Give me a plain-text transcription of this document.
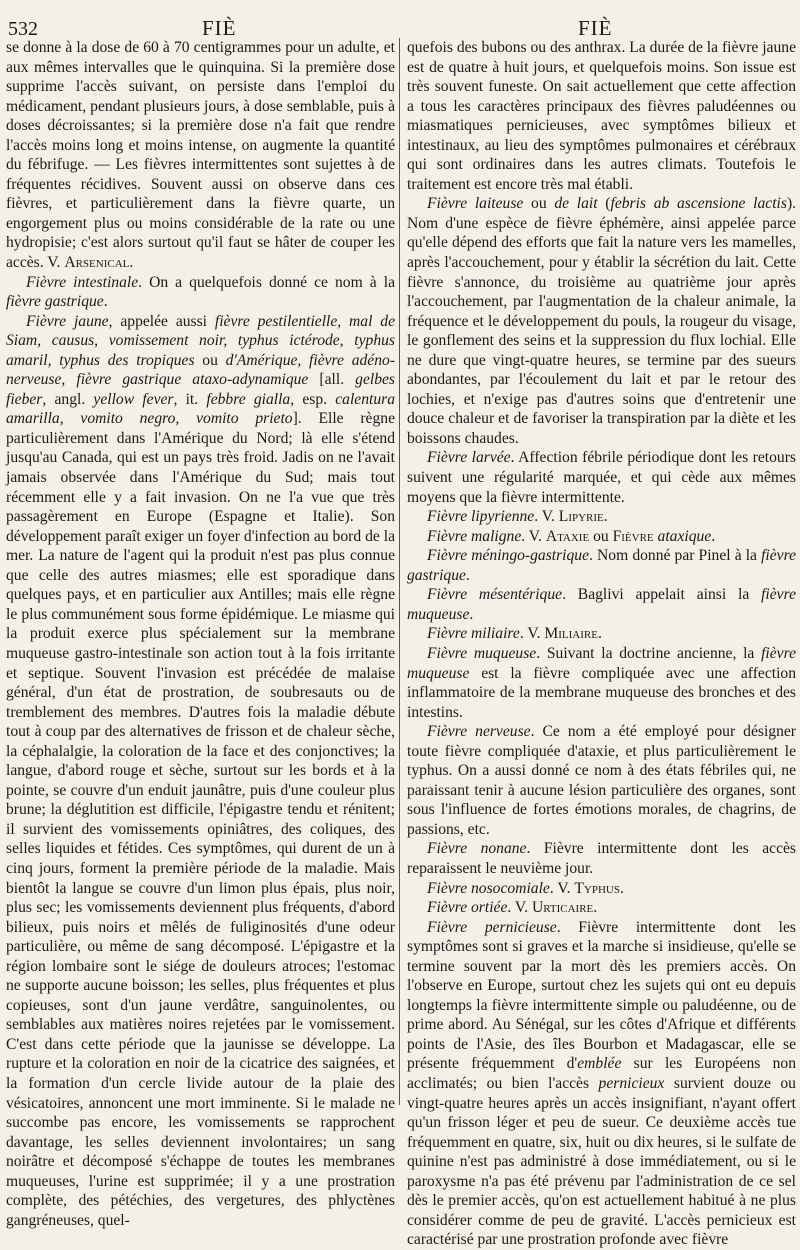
532	FIÈ	FIÈ

se donne à la dose de 60 à 70 centigrammes pour un adulte, et aux mêmes intervalles que le quinquina. Si la première dose supprime l'accès suivant, on persiste dans l'emploi du médicament, pendant plusieurs jours, à dose semblable, puis à doses décroissantes; si la première dose n'a fait que rendre l'accès moins long et moins intense, on augmente la quantité du fébrifuge. — Les fièvres intermittentes sont sujettes à de fréquentes récidives. Souvent aussi on observe dans ces fièvres, et particulièrement dans la fièvre quarte, un engorgement plus ou moins considérable de la rate ou une hydropisie; c'est alors surtout qu'il faut se hâter de couper les accès. V. Arsenical.

Fièvre intestinale. On a quelquefois donné ce nom à la fièvre gastrique.

Fièvre jaune, appelée aussi fièvre pestilentielle, mal de Siam, causus, vomissement noir, typhus ictérode, typhus amaril, typhus des tropiques ou d'Amérique, fièvre adéno-nerveuse, fièvre gastrique ataxo-adynamique [all. gelbes fieber, angl. yellow fever, it. febbre gialla, esp. calentura amarilla, vomito negro, vomito prieto]. Elle règne particulièrement dans l'Amérique du Nord; là elle s'étend jusqu'au Canada, qui est un pays très froid. Jadis on ne l'avait jamais observée dans l'Amérique du Sud; mais tout récemment elle y a fait invasion. On ne l'a vue que très passagèrement en Europe (Espagne et Italie). Son développement paraît exiger un foyer d'infection au bord de la mer. La nature de l'agent qui la produit n'est pas plus connue que celle des autres miasmes; elle est sporadique dans quelques pays, et en particulier aux Antilles; mais elle règne le plus communément sous forme épidémique. Le miasme qui la produit exerce plus spécialement sur la membrane muqueuse gastro-intestinale son action tout à la fois irritante et septique. Souvent l'invasion est précédée de malaise général, d'un état de prostration, de soubresauts ou de tremblement des membres. D'autres fois la maladie débute tout à coup par des alternatives de frisson et de chaleur sèche, la céphalalgie, la coloration de la face et des conjonctives; la langue, d'abord rouge et sèche, surtout sur les bords et à la pointe, se couvre d'un enduit jaunâtre, puis d'une couleur plus brune; la déglutition est difficile, l'épigastre tendu et rénitent; il survient des vomissements opiniâtres, des coliques, des selles liquides et fétides. Ces symptômes, qui durent de un à cinq jours, forment la première période de la maladie. Mais bientôt la langue se couvre d'un limon plus épais, plus noir, plus sec; les vomissements deviennent plus fréquents, d'abord bilieux, puis noirs et mêlés de fuliginosités d'une odeur particulière, ou même de sang décomposé. L'épigastre et la région lombaire sont le siége de douleurs atroces; l'estomac ne supporte aucune boisson; les selles, plus fréquentes et plus copieuses, sont d'un jaune verdâtre, sanguinolentes, ou semblables aux matières noires rejetées par le vomissement. C'est dans cette période que la jaunisse se développe. La rupture et la coloration en noir de la cicatrice des saignées, et la formation d'un cercle livide autour de la plaie des vésicatoires, annoncent une mort imminente. Si le malade ne succombe pas encore, les vomissements se rapprochent davantage, les selles deviennent involontaires; un sang noirâtre et décomposé s'échappe de toutes les membranes muqueuses, l'urine est supprimée; il y a une prostration complète, des pétéchies, des vergetures, des phlyctènes gangréneuses, quel-

quefois des bubons ou des anthrax. La durée de la fièvre jaune est de quatre à huit jours, et quelquefois moins. Son issue est très souvent funeste. On sait actuellement que cette affection a tous les caractères principaux des fièvres paludéennes ou miasmatiques pernicieuses, avec symptômes bilieux et intestinaux, au lieu des symptômes pulmonaires et cérébraux qui sont ordinaires dans les autres climats. Toutefois le traitement est encore très mal établi.

Fièvre laiteuse ou de lait (febris ab ascensione lactis). Nom d'une espèce de fièvre éphémère, ainsi appelée parce qu'elle dépend des efforts que fait la nature vers les mamelles, après l'accouchement, pour y établir la sécrétion du lait. Cette fièvre s'annonce, du troisième au quatrième jour après l'accouchement, par l'augmentation de la chaleur animale, la fréquence et le développement du pouls, la rougeur du visage, le gonflement des seins et la suppression du flux lochial. Elle ne dure que vingt-quatre heures, se termine par des sueurs abondantes, par l'écoulement du lait et par le retour des lochies, et n'exige pas d'autres soins que d'entretenir une douce chaleur et de favoriser la transpiration par la diète et les boissons chaudes.

Fièvre larvée. Affection fébrile périodique dont les retours suivent une régularité marquée, et qui cède aux mêmes moyens que la fièvre intermittente.

Fièvre lipyrienne. V. Lipyrie.

Fièvre maligne. V. Ataxie ou Fièvre ataxique.

Fièvre méningo-gastrique. Nom donné par Pinel à la fièvre gastrique.

Fièvre mésentérique. Baglivi appelait ainsi la fièvre muqueuse.

Fièvre miliaire. V. Miliaire.

Fièvre muqueuse. Suivant la doctrine ancienne, la fièvre muqueuse est la fièvre compliquée avec une affection inflammatoire de la membrane muqueuse des bronches et des intestins.

Fièvre nerveuse. Ce nom a été employé pour désigner toute fièvre compliquée d'ataxie, et plus particulièrement le typhus. On a aussi donné ce nom à des états fébriles qui, ne paraissant tenir à aucune lésion particulière des organes, sont sous l'influence de fortes émotions morales, de chagrins, de passions, etc.

Fièvre nonane. Fièvre intermittente dont les accès reparaissent le neuvième jour.

Fièvre nosocomiale. V. Typhus.

Fièvre ortiée. V. Urticaire.

Fièvre pernicieuse. Fièvre intermittente dont les symptômes sont si graves et la marche si insidieuse, qu'elle se termine souvent par la mort dès les premiers accès. On l'observe en Europe, surtout chez les sujets qui ont eu depuis longtemps la fièvre intermittente simple ou paludéenne, ou de prime abord. Au Sénégal, sur les côtes d'Afrique et différents points de l'Asie, des îles Bourbon et Madagascar, elle se présente fréquemment d'emblée sur les Européens non acclimatés; ou bien l'accès pernicieux survient douze ou vingt-quatre heures après un accès insignifiant, n'ayant offert qu'un frisson léger et peu de sueur. Ce deuxième accès tue fréquemment en quatre, six, huit ou dix heures, si le sulfate de quinine n'est pas administré à dose immédiatement, ou si le paroxysme n'a pas été prévenu par l'administration de ce sel dès le premier accès, qu'on est actuellement habitué à ne plus considérer comme de peu de gravité. L'accès pernicieux est caractérisé par une prostration profonde avec fièvre
